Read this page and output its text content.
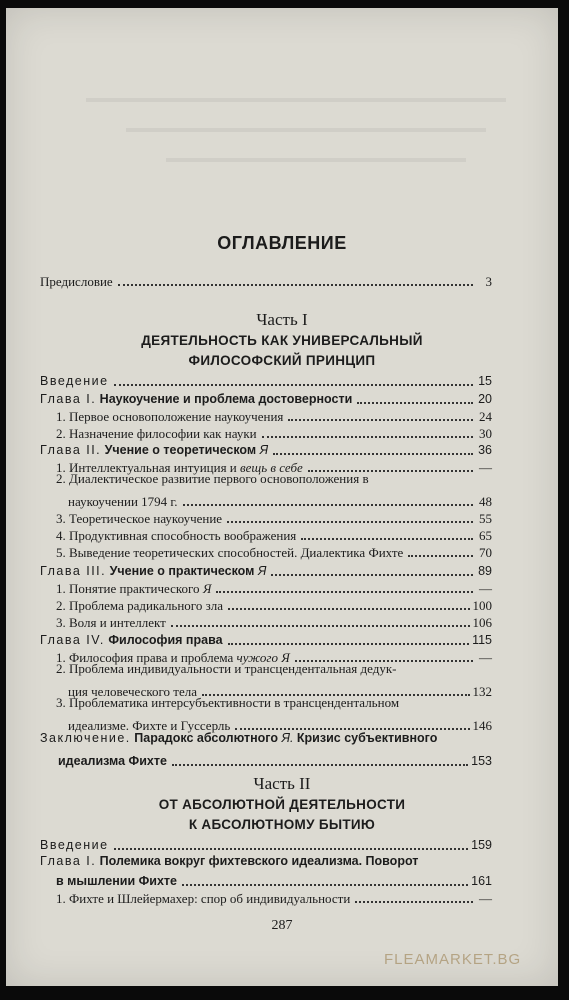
ОГЛАВЛЕНИЕ
Предисловие	3
Часть I
ДЕЯТЕЛЬНОСТЬ КАК УНИВЕРСАЛЬНЫЙ
ФИЛОСОФСКИЙ ПРИНЦИП
Введение	15
Глава I. Наукоучение и проблема достоверности	20
1. Первое основоположение наукоучения	24
2. Назначение философии как науки	30
Глава II. Учение о теоретическом Я	36
1. Интеллектуальная интуиция и вещь в себе	—
2. Диалектическое развитие первого основоположения в
наукоучении 1794 г.	48
3. Теоретическое наукоучение	55
4. Продуктивная способность воображения	65
5. Выведение теоретических способностей. Диалектика Фихте	70
Глава III. Учение о практическом Я	89
1. Понятие практического Я	—
2. Проблема радикального зла	100
3. Воля и интеллект	106
Глава IV. Философия права	115
1. Философия права и проблема чужого Я	—
2. Проблема индивидуальности и трансцендентальная дедук-
ция человеческого тела	132
3. Проблематика интерсубъективности в трансцендентальном
идеализме. Фихте и Гуссерль	146
Заключение. Парадокс абсолютного Я. Кризис субъективного
идеализма Фихте	153
Часть II
ОТ АБСОЛЮТНОЙ ДЕЯТЕЛЬНОСТИ
К АБСОЛЮТНОМУ БЫТИЮ
Введение	159
Глава I. Полемика вокруг фихтевского идеализма. Поворот
в мышлении Фихте	161
1. Фихте и Шлейермахер: спор об индивидуальности	—
287
FLEAMARKET.BG
